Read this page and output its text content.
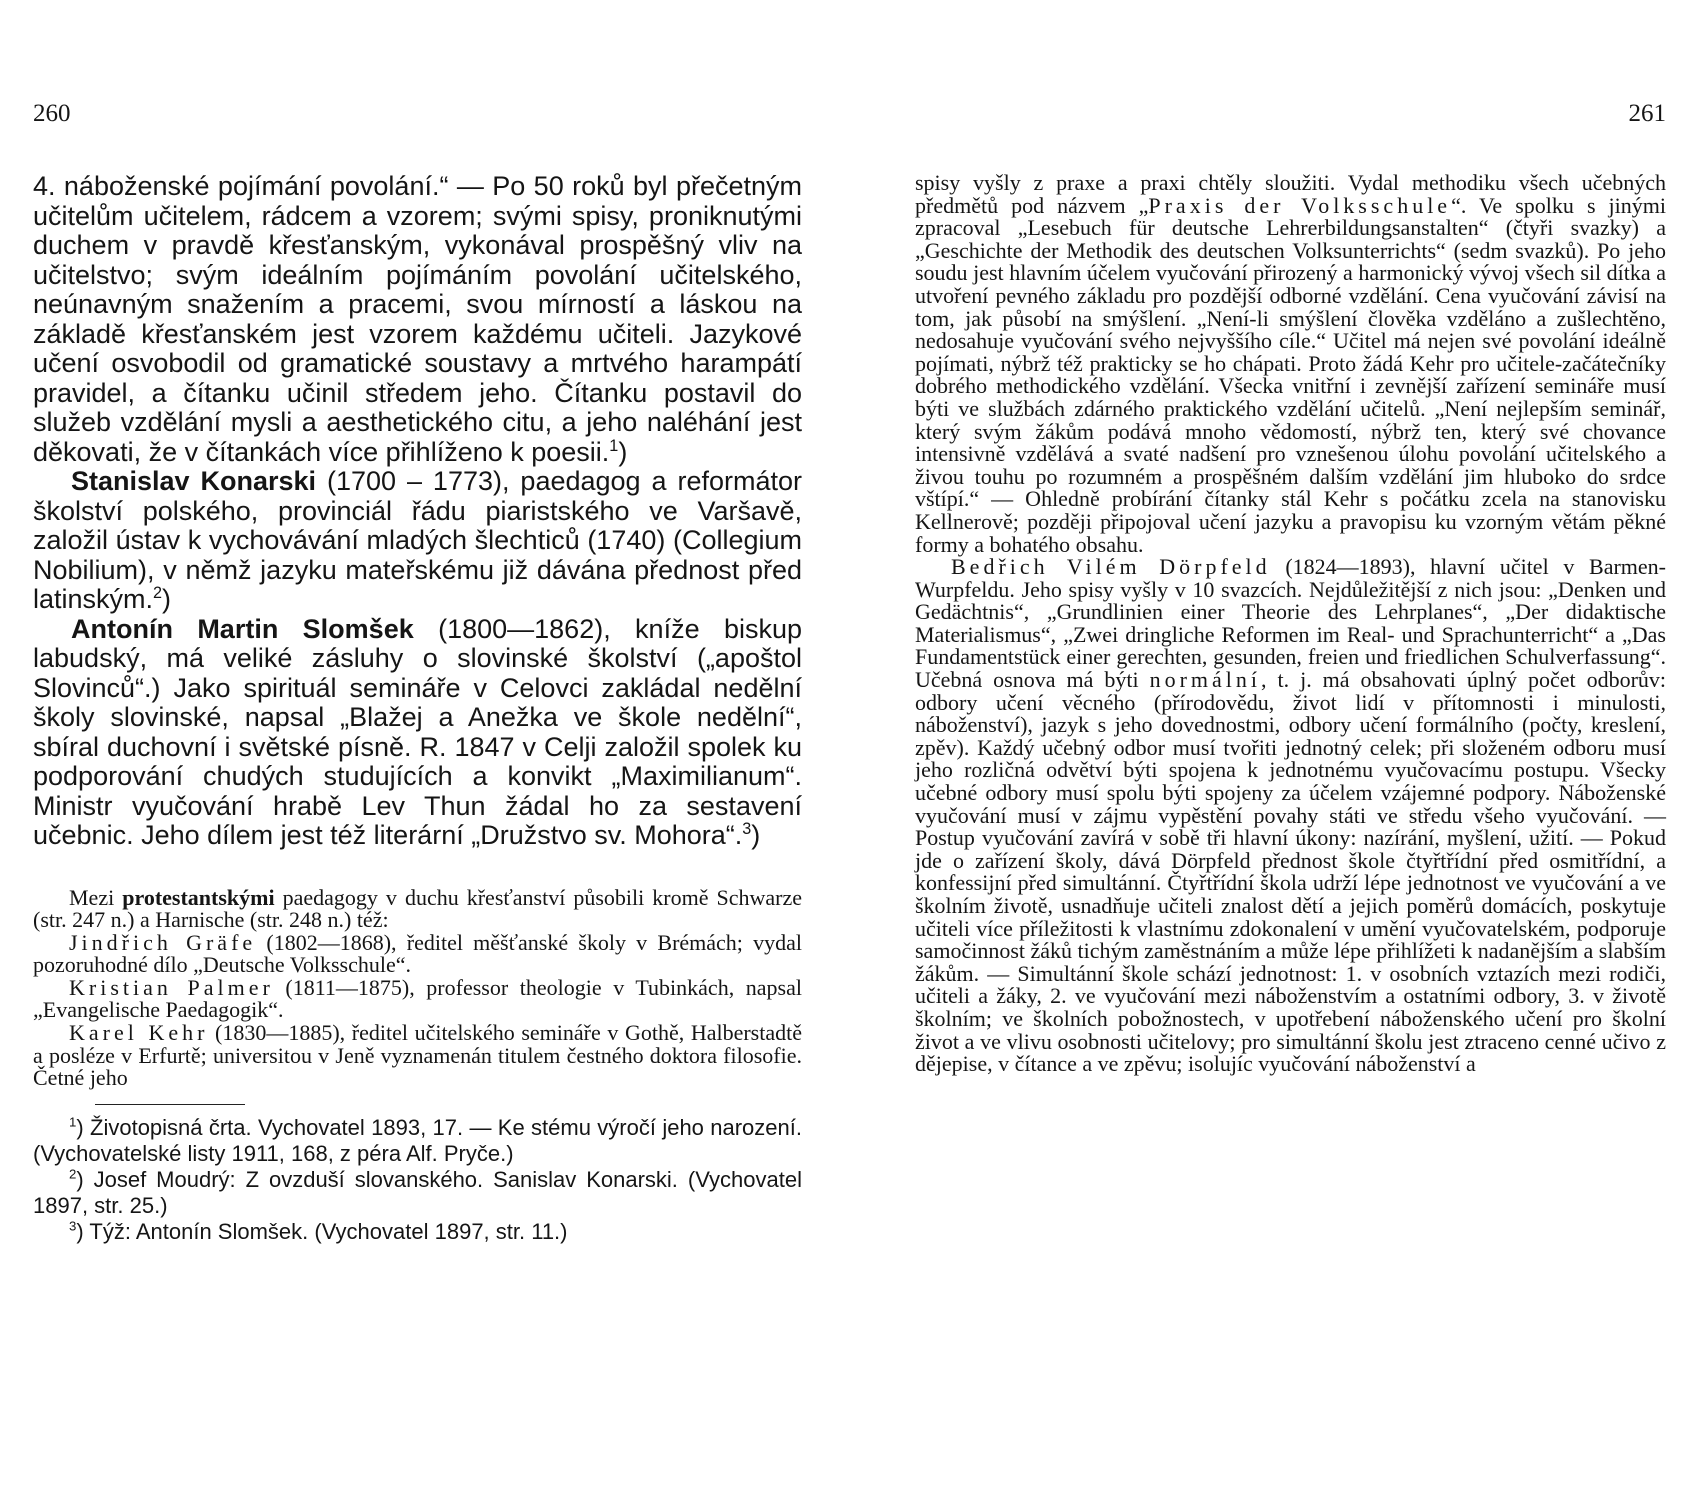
260

4. náboženské pojímání povolání.“ — Po 50 roků byl přečetným učitelům učitelem, rádcem a vzorem; svými spisy, proniknutými duchem v pravdě křesťanským, vykonával prospěšný vliv na učitelstvo; svým ideálním pojímáním povolání učitelského, neúnavným snažením a pracemi, svou mírností a láskou na základě křesťanském jest vzorem každému učiteli. Jazykové učení osvobodil od gramatické soustavy a mrtvého harampátí pravidel, a čítanku učinil středem jeho. Čítanku postavil do služeb vzdělání mysli a aesthetického citu, a jeho naléhání jest děkovati, že v čítankách více přihlíženo k poesii.$^1$)

Stanislav Konarski (1700 – 1773), paedagog a reformátor školství polského, provinciál řádu piaristského ve Varšavě, založil ústav k vychovávání mladých šlechticů (1740) (Collegium Nobilium), v němž jazyku mateřskému již dávána přednost před latinským.$^2$)

Antonín Martin Slomšek (1800—1862), kníže biskup labudský, má veliké zásluhy o slovinské školství („apoštol Slovinců“.) Jako spirituál semináře v Celovci zakládal nedělní školy slovinské, napsal „Blažej a Anežka ve škole nedělní“, sbíral duchovní i světské písně. R. 1847 v Celji založil spolek ku podporování chudých studujících a konvikt „Maximilianum“. Ministr vyučování hrabě Lev Thun žádal ho za sestavení učebnic. Jeho dílem jest též literární „Družstvo sv. Mohora“.$^3$)

Mezi protestantskými paedagogy v duchu křesťanství působili kromě Schwarze (str. 247 n.) a Harnische (str. 248 n.) též:

Jindřich Gräfe (1802—1868), ředitel měšťanské školy v Brémách; vydal pozoruhodné dílo „Deutsche Volksschule“.

Kristian Palmer (1811—1875), professor theologie v Tubinkách, napsal „Evangelische Paedagogik“.

Karel Kehr (1830—1885), ředitel učitelského semináře v Gothě, Halberstadtě a posléze v Erfurtě; universitou v Jeně vyznamenán titulem čestného doktora filosofie. Četné jeho

$^1$) Životopisná črta. Vychovatel 1893, 17. — Ke stému výročí jeho narození. (Vychovatelské listy 1911, 168, z péra Alf. Pryče.)

$^2$) Josef Moudrý: Z ovzduší slovanského. Sanislav Konarski. (Vychovatel 1897, str. 25.)

$^3$) Týž: Antonín Slomšek. (Vychovatel 1897, str. 11.)

261

spisy vyšly z praxe a praxi chtěly sloužiti. Vydal methodiku všech učebných předmětů pod názvem „Praxis der Volksschule“. Ve spolku s jinými zpracoval „Lesebuch für deutsche Lehrerbildungsanstalten“ (čtyři svazky) a „Geschichte der Methodik des deutschen Volksunterrichts“ (sedm svazků). Po jeho soudu jest hlavním účelem vyučování přirozený a harmonický vývoj všech sil dítka a utvoření pevného základu pro pozdější odborné vzdělání. Cena vyučování závisí na tom, jak působí na smýšlení. „Není-li smýšlení člověka vzděláno a zušlechtěno, nedosahuje vyučování svého nejvyššího cíle.“ Učitel má nejen své povolání ideálně pojímati, nýbrž též prakticky se ho chápati. Proto žádá Kehr pro učitele-začátečníky dobrého methodického vzdělání. Všecka vnitřní i zevnější zařízení semináře musí býti ve službách zdárného praktického vzdělání učitelů. „Není nejlepším seminář, který svým žákům podává mnoho vědomostí, nýbrž ten, který své chovance intensivně vzdělává a svaté nadšení pro vznešenou úlohu povolání učitelského a živou touhu po rozumném a prospěšném dalším vzdělání jim hluboko do srdce vštípí.“ — Ohledně probírání čítanky stál Kehr s počátku zcela na stanovisku Kellnerově; později připojoval učení jazyku a pravopisu ku vzorným větám pěkné formy a bohatého obsahu.

Bedřich Vilém Dörpfeld (1824—1893), hlavní učitel v Barmen-Wurpfeldu. Jeho spisy vyšly v 10 svazcích. Nejdůležitější z nich jsou: „Denken und Gedächtnis“, „Grundlinien einer Theorie des Lehrplanes“, „Der didaktische Materialismus“, „Zwei dringliche Reformen im Real- und Sprachunterricht“ a „Das Fundamentstück einer gerechten, gesunden, freien und friedlichen Schulverfassung“. Učebná osnova má býti normální, t. j. má obsahovati úplný počet odborův: odbory učení věcného (přírodovědu, život lidí v přítomnosti i minulosti, náboženství), jazyk s jeho dovednostmi, odbory učení formálního (počty, kreslení, zpěv). Každý učebný odbor musí tvořiti jednotný celek; při složeném odboru musí jeho rozličná odvětví býti spojena k jednotnému vyučovacímu postupu. Všecky učebné odbory musí spolu býti spojeny za účelem vzájemné podpory. Náboženské vyučování musí v zájmu vypěstění povahy státi ve středu všeho vyučování. — Postup vyučování zavírá v sobě tři hlavní úkony: nazírání, myšlení, užití. — Pokud jde o zařízení školy, dává Dörpfeld přednost škole čtyřtřídní před osmitřídní, a konfessijní před simultánní. Čtyřtřídní škola udrží lépe jednotnost ve vyučování a ve školním životě, usnadňuje učiteli znalost dětí a jejich poměrů domácích, poskytuje učiteli více příležitosti k vlastnímu zdokonalení v umění vyučovatelském, podporuje samočinnost žáků tichým zaměstnáním a může lépe přihlížeti k nadanějším a slabším žákům. — Simultánní škole schází jednotnost: 1. v osobních vztazích mezi rodiči, učiteli a žáky, 2. ve vyučování mezi náboženstvím a ostatními odbory, 3. v životě školním; ve školních pobožnostech, v upotřebení náboženského učení pro školní život a ve vlivu osobnosti učitelovy; pro simultánní školu jest ztraceno cenné učivo z dějepise, v čítance a ve zpěvu; isolujíc vyučování náboženství a
